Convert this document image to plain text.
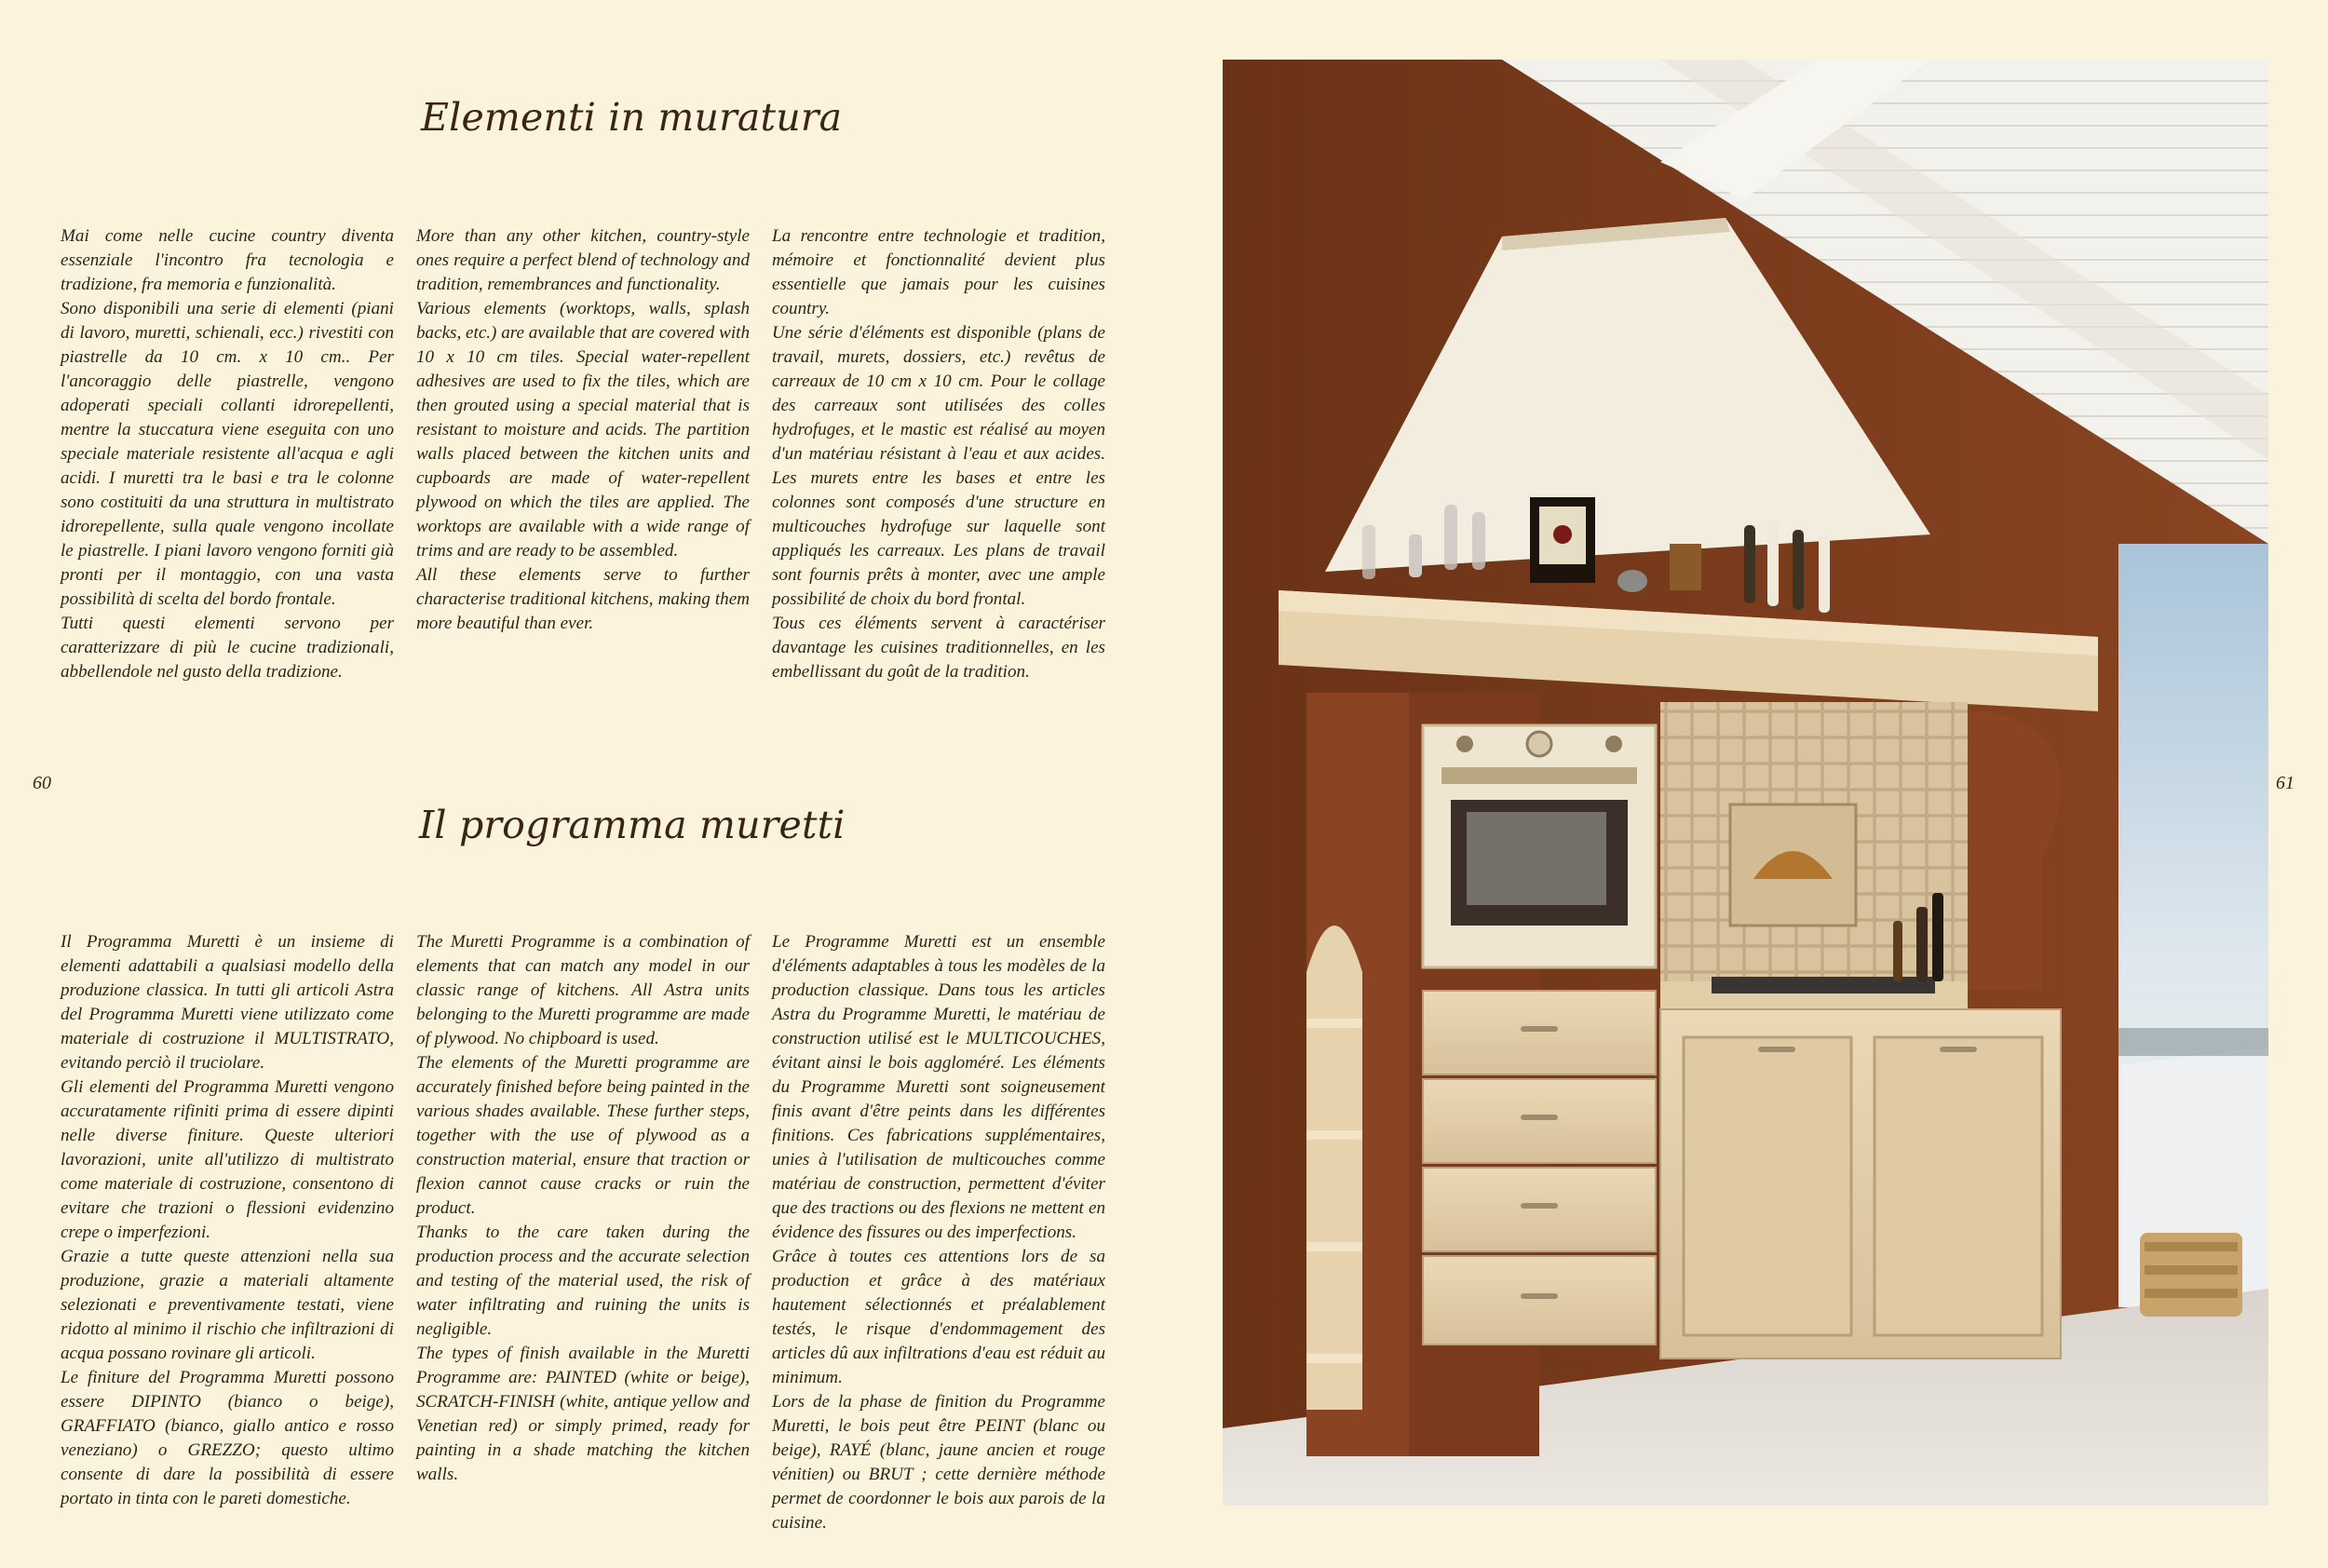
Elementi in muratura

Mai come nelle cucine country diventa essenziale l'incontro fra tecnologia e tradizione, fra memoria e funzionalità.

Sono disponibili una serie di elementi (piani di lavoro, muretti, schienali, ecc.) rivestiti con piastrelle da 10 cm. x 10 cm.. Per l'ancoraggio delle piastrelle, vengono adoperati speciali collanti idrorepellenti, mentre la stuccatura viene eseguita con uno speciale materiale resistente all'acqua e agli acidi. I muretti tra le basi e tra le colonne sono costituiti da una struttura in multistrato idrorepellente, sulla quale vengono incollate le piastrelle. I piani lavoro vengono forniti già pronti per il montaggio, con una vasta possibilità di scelta del bordo frontale.

Tutti questi elementi servono per caratterizzare di più le cucine tradizionali, abbellendole nel gusto della tradizione.

More than any other kitchen, country-style ones require a perfect blend of technology and tradition, remembrances and functionality.

Various elements (worktops, walls, splash backs, etc.) are available that are covered with 10 x 10 cm tiles. Special water-repellent adhesives are used to fix the tiles, which are then grouted using a special material that is resistant to moisture and acids. The partition walls placed between the kitchen units and cupboards are made of water-repellent plywood on which the tiles are applied. The worktops are available with a wide range of trims and are ready to be assembled.

All these elements serve to further characterise traditional kitchens, making them more beautiful than ever.

La rencontre entre technologie et tradition, mémoire et fonctionnalité devient plus essentielle que jamais pour les cuisines country.

Une série d'éléments est disponible (plans de travail, murets, dossiers, etc.) revêtus de carreaux de 10 cm x 10 cm. Pour le collage des carreaux sont utilisées des colles hydrofuges, et le mastic est réalisé au moyen d'un matériau résistant à l'eau et aux acides. Les murets entre les bases et entre les colonnes sont composés d'une structure en multicouches hydrofuge sur laquelle sont appliqués les carreaux. Les plans de travail sont fournis prêts à monter, avec une ample possibilité de choix du bord frontal.

Tous ces éléments servent à caractériser davantage les cuisines traditionnelles, en les embellissant du goût de la tradition.

60
Il programma muretti

Il Programma Muretti è un insieme di elementi adattabili a qualsiasi modello della produzione classica. In tutti gli articoli Astra del Programma Muretti viene utilizzato come materiale di costruzione il MULTISTRATO, evitando perciò il truciolare.

Gli elementi del Programma Muretti vengono accuratamente rifiniti prima di essere dipinti nelle diverse finiture. Queste ulteriori lavorazioni, unite all'utilizzo di multistrato come materiale di costruzione, consentono di evitare che trazioni o flessioni evidenzino crepe o imperfezioni.

Grazie a tutte queste attenzioni nella sua produzione, grazie a materiali altamente selezionati e preventivamente testati, viene ridotto al minimo il rischio che infiltrazioni di acqua possano rovinare gli articoli.

Le finiture del Programma Muretti possono essere DIPINTO (bianco o beige), GRAFFIATO (bianco, giallo antico e rosso veneziano) o GREZZO; questo ultimo consente di dare la possibilità di essere portato in tinta con le pareti domestiche.

The Muretti Programme is a combination of elements that can match any model in our classic range of kitchens. All Astra units belonging to the Muretti programme are made of plywood. No chipboard is used.

The elements of the Muretti programme are accurately finished before being painted in the various shades available. These further steps, together with the use of plywood as a construction material, ensure that traction or flexion cannot cause cracks or ruin the product.

Thanks to the care taken during the production process and the accurate selection and testing of the material used, the risk of water infiltrating and ruining the units is negligible.

The types of finish available in the Muretti Programme are: PAINTED (white or beige), SCRATCH-FINISH (white, antique yellow and Venetian red) or simply primed, ready for painting in a shade matching the kitchen walls.

Le Programme Muretti est un ensemble d'éléments adaptables à tous les modèles de la production classique. Dans tous les articles Astra du Programme Muretti, le matériau de construction utilisé est le MULTICOUCHES, évitant ainsi le bois aggloméré. Les éléments du Programme Muretti sont soigneusement finis avant d'être peints dans les différentes finitions. Ces fabrications supplémentaires, unies à l'utilisation de multicouches comme matériau de construction, permettent d'éviter que des tractions ou des flexions ne mettent en évidence des fissures ou des imperfections.

Grâce à toutes ces attentions lors de sa production et grâce à des matériaux hautement sélectionnés et préalablement testés, le risque d'endommagement des articles dû aux infiltrations d'eau est réduit au minimum.

Lors de la phase de finition du Programme Muretti, le bois peut être PEINT (blanc ou beige), RAYÉ (blanc, jaune ancien et rouge vénitien) ou BRUT ; cette dernière méthode permet de coordonner le bois aux parois de la cuisine.

61
